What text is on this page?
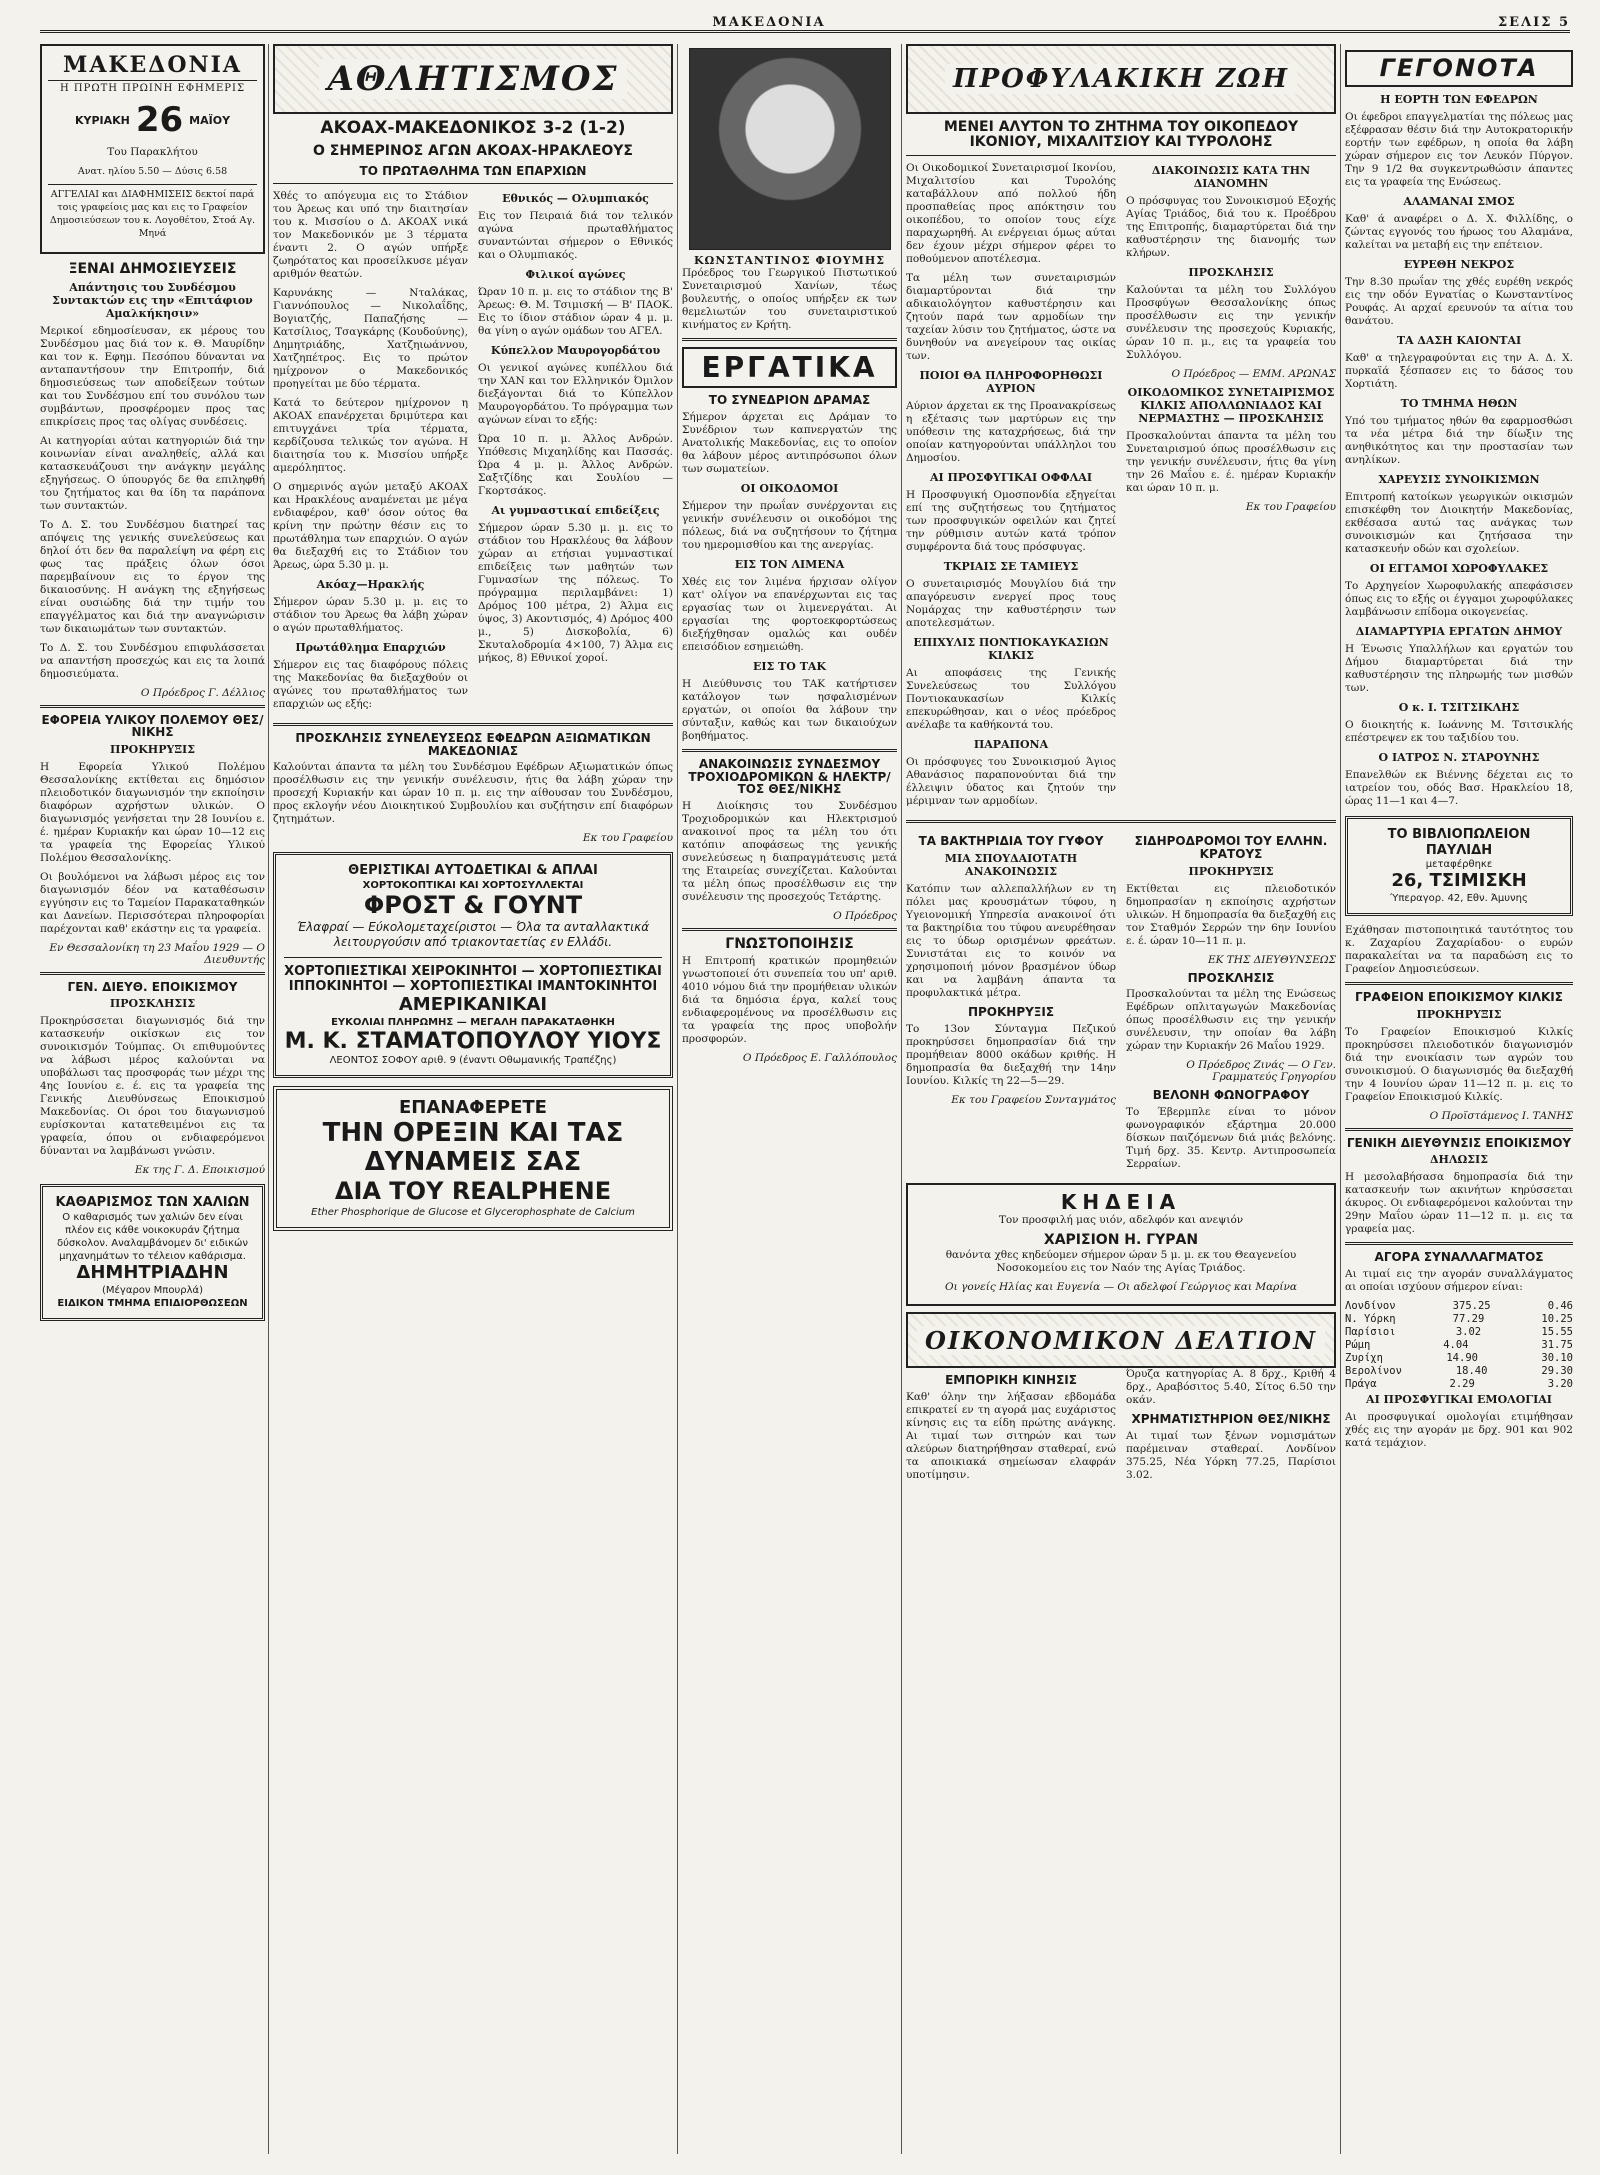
ΜΑΚΕΔΟΝΙΑ	ΣΕΛΙΣ 5
ΜΑΚΕΔΟΝΙΑ
Η ΠΡΩΤΗ ΠΡΩΙΝΗ ΕΦΗΜΕΡΙΣ
ΚΥΡΙΑΚΗ 26 ΜΑΪΟΥ
Του Παρακλήτου
Ανατ. ηλίου 5.50 — Δύσις 6.58
ΑΓΓΕΛΙΑΙ και ΔΙΑΦΗΜΙΣΕΙΣ δεκτοί παρά τοις γραφείοις μας και εις το Γραφείον Δημοσιεύσεων του κ. Λογοθέτου, Στοά Αγ. Μηνά
ΞΕΝΑΙ ΔΗΜΟΣΙΕΥΣΕΙΣ
Απάντησις του Συνδέσμου Συντακτών εις την «Επιτάφιον Αμαλκήκησιν»

Μερικοί εδημοσίευσαν, εκ μέρους του Συνδέσμου μας διά τον κ. Θ. Μαυρίδην και τον κ. Εφημ. Πεσόπου δύνανται να ανταπαντήσουν την Επιτροπήν, διά δημοσιεύσεως των αποδείξεων τούτων και του Συνδέσμου επί του συνόλου των συμβάντων, προσφέρομεν προς τας επικρίσεις προς τας ολίγας συνδέσεις.

Αι κατηγορίαι αύται κατηγοριών διά την κοινωνίαν είναι αναληθείς, αλλά και κατασκευάζουσι την ανάγκην μεγάλης εξηγήσεως. Ο ύπουργός δε θα επιληφθή του ζητήματος και θα ίδη τα παράπονα των συντακτών.

Το Δ. Σ. του Συνδέσμου διατηρεί τας απόψεις της γενικής συνελεύσεως και δηλοί ότι δεν θα παραλείψη να φέρη εις φως τας πράξεις όλων όσοι παρεμβαίνουν εις το έργον της δικαιοσύνης. Η ανάγκη της εξηγήσεως είναι ουσιώδης διά την τιμήν του επαγγέλματος και διά την αναγνώρισιν των δικαιωμάτων των συντακτών.

Το Δ. Σ. του Συνδέσμου επιφυλάσσεται να απαντήση προσεχώς και εις τα λοιπά δημοσιεύματα.

Ο Πρόεδρος Γ. Δέλλιος

ΕΦΟΡΕΙΑ ΥΛΙΚΟΥ ΠΟΛΕΜΟΥ ΘΕΣ/ΝΙΚΗΣ
ΠΡΟΚΗΡΥΞΙΣ

Η Εφορεία Υλικού Πολέμου Θεσσαλονίκης εκτίθεται εις δημόσιον πλειοδοτικόν διαγωνισμόν την εκποίησιν διαφόρων αχρήστων υλικών. Ο διαγωνισμός γενήσεται την 28 Ιουνίου ε. έ. ημέραν Κυριακήν και ώραν 10—12 εις τα γραφεία της Εφορείας Υλικού Πολέμου Θεσσαλονίκης.

Οι βουλόμενοι να λάβωσι μέρος εις τον διαγωνισμόν δέον να καταθέσωσιν εγγύησιν εις το Ταμείον Παρακαταθηκών και Δανείων. Περισσότεραι πληροφορίαι παρέχονται καθ' εκάστην εις τα γραφεία.

Εν Θεσσαλονίκη τη 23 Μαΐου 1929 — Ο Διευθυντής

ΓΕΝ. ΔΙΕΥΘ. ΕΠΟΙΚΙΣΜΟΥ
ΠΡΟΣΚΛΗΣΙΣ

Προκηρύσσεται διαγωνισμός διά την κατασκευήν οικίσκων εις τον συνοικισμόν Τούμπας. Οι επιθυμούντες να λάβωσι μέρος καλούνται να υποβάλωσι τας προσφοράς των μέχρι της 4ης Ιουνίου ε. έ. εις τα γραφεία της Γενικής Διευθύνσεως Εποικισμού Μακεδονίας. Οι όροι του διαγωνισμού ευρίσκονται κατατεθειμένοι εις τα γραφεία, όπου οι ενδιαφερόμενοι δύνανται να λαμβάνωσι γνώσιν.

Εκ της Γ. Δ. Εποικισμού

ΚΑΘΑΡΙΣΜΟΣ ΤΩΝ ΧΑΛΙΩΝ
Ο καθαρισμός των χαλιών δεν είναι πλέον εις κάθε νοικοκυράν ζήτημα δύσκολον. Αναλαμβάνομεν δι' ειδικών μηχανημάτων το τέλειον καθάρισμα.
ΔΗΜΗΤΡΙΑΔΗΝ
(Μέγαρον Μπουρλά)
ΕΙΔΙΚΟΝ ΤΜΗΜΑ ΕΠΙΔΙΟΡΘΩΣΕΩΝ
ΑΘΛΗΤΙΣΜΟΣ
ΑΚΟΑΧ-ΜΑΚΕΔΟΝΙΚΟΣ 3-2 (1-2)
Ο ΣΗΜΕΡΙΝΟΣ ΑΓΩΝ ΑΚΟΑΧ-ΗΡΑΚΛΕΟΥΣ
ΤΟ ΠΡΩΤΑΘΛΗΜΑ ΤΩΝ ΕΠΑΡΧΙΩΝ

Χθές το απόγευμα εις το Στάδιον του Άρεως και υπό την διαιτησίαν του κ. Μισσίου ο Δ. ΑΚΟΑΧ νικά τον Μακεδονικόν με 3 τέρματα έναντι 2. Ο αγών υπήρξε ζωηρότατος και προσείλκυσε μέγαν αριθμόν θεατών.

Καρυνάκης — Νταλάκας, Γιαννόπουλος — Νικολαΐδης, Βογιατζής, Παπαζήσης — Κατσίλιος, Τσαγκάρης (Κουδούνης), Δημητριάδης, Χατζηιωάννου, Χατζηπέτρος. Εις το πρώτον ημίχρονον ο Μακεδονικός προηγείται με δύο τέρματα.

Κατά το δεύτερον ημίχρονον η ΑΚΟΑΧ επανέρχεται δριμύτερα και επιτυγχάνει τρία τέρματα, κερδίζουσα τελικώς τον αγώνα. Η διαιτησία του κ. Μισσίου υπήρξε αμερόληπτος.

Ο σημερινός αγών μεταξύ ΑΚΟΑΧ και Ηρακλέους αναμένεται με μέγα ενδιαφέρον, καθ' όσον ούτος θα κρίνη την πρώτην θέσιν εις το πρωτάθλημα των επαρχιών. Ο αγών θα διεξαχθή εις το Στάδιον του Άρεως, ώρα 5.30 μ. μ.

Ακόαχ—Ηρακλής

Σήμερον ώραν 5.30 μ. μ. εις το στάδιον του Άρεως θα λάβη χώραν ο αγών πρωταθλήματος.

Πρωτάθλημα Επαρχιών

Σήμερον εις τας διαφόρους πόλεις της Μακεδονίας θα διεξαχθούν οι αγώνες του πρωταθλήματος των επαρχιών ως εξής:

Εθνικός — Ολυμπιακός

Εις τον Πειραιά διά τον τελικόν αγώνα πρωταθλήματος συναντώνται σήμερον ο Εθνικός και ο Ολυμπιακός.

Φιλικοί αγώνες

Ώραν 10 π. μ. εις το στάδιον της Β' Άρεως: Θ. Μ. Τσιμισκή — Β' ΠΑΟΚ. Εις το ίδιον στάδιον ώραν 4 μ. μ. θα γίνη ο αγών ομάδων του ΑΓΕΛ.

Κύπελλον Μαυρογορδάτου

Οι γενικοί αγώνες κυπέλλου διά την ΧΑΝ και τον Ελληνικόν Όμιλον διεξάγονται διά το Κύπελλον Μαυρογορδάτου. Το πρόγραμμα των αγώνων είναι το εξής:

Ώρα 10 π. μ. Άλλος Ανδρών. Υπόθεσις Μιχαηλίδης και Πασσάς. Ώρα 4 μ. μ. Άλλος Ανδρών. Σαξτζίδης και Σουλίου — Γκορτσάκος.

Αι γυμναστικαί επιδείξεις

Σήμερον ώραν 5.30 μ. μ. εις το στάδιον του Ηρακλέους θα λάβουν χώραν αι ετήσιαι γυμναστικαί επιδείξεις των μαθητών των Γυμνασίων της πόλεως. Το πρόγραμμα περιλαμβάνει: 1) Δρόμος 100 μέτρα, 2) Άλμα εις ύψος, 3) Ακοντισμός, 4) Δρόμος 400 μ., 5) Δισκοβολία, 6) Σκυταλοδρομία 4×100, 7) Άλμα εις μήκος, 8) Εθνικοί χοροί.

ΠΡΟΣΚΛΗΣΙΣ ΣΥΝΕΛΕΥΣΕΩΣ ΕΦΕΔΡΩΝ ΑΞΙΩΜΑΤΙΚΩΝ ΜΑΚΕΔΟΝΙΑΣ

Καλούνται άπαντα τα μέλη του Συνδέσμου Εφέδρων Αξιωματικών όπως προσέλθωσιν εις την γενικήν συνέλευσιν, ήτις θα λάβη χώραν την προσεχή Κυριακήν και ώραν 10 π. μ. εις την αίθουσαν του Συνδέσμου, προς εκλογήν νέου Διοικητικού Συμβουλίου και συζήτησιν επί διαφόρων ζητημάτων.

Εκ του Γραφείου

ΘΕΡΙΣΤΙΚΑΙ ΑΥΤΟΔΕΤΙΚΑΙ & ΑΠΛΑΙ
ΧΟΡΤΟΚΟΠΤΙΚΑΙ ΚΑΙ ΧΟΡΤΟΣΥΛΛΕΚΤΑΙ
ΦΡΟΣΤ & ΓΟΥΝΤ
Έλαφραί — Εύκολομεταχείριστοι — Όλα τα ανταλλακτικά λειτουργούσιν από τριακονταετίας εν Ελλάδι.
ΧΟΡΤΟΠΙΕΣΤΙΚΑΙ ΧΕΙΡΟΚΙΝΗΤΟΙ — ΧΟΡΤΟΠΙΕΣΤΙΚΑΙ ΙΠΠΟΚΙΝΗΤΟΙ — ΧΟΡΤΟΠΙΕΣΤΙΚΑΙ ΙΜΑΝΤΟΚΙΝΗΤΟΙ
ΑΜΕΡΙΚΑΝΙΚΑΙ
ΕΥΚΟΛΙΑΙ ΠΛΗΡΩΜΗΣ — ΜΕΓΑΛΗ ΠΑΡΑΚΑΤΑΘΗΚΗ
Μ. Κ. ΣΤΑΜΑΤΟΠΟΥΛΟΥ ΥΙΟΥΣ
ΛΕΟΝΤΟΣ ΣΟΦΟΥ αριθ. 9 (έναντι Οθωμανικής Τραπέζης)
ΕΠΑΝΑΦΕΡΕΤΕ
ΤΗΝ ΟΡΕΞΙΝ ΚΑΙ ΤΑΣ ΔΥΝΑΜΕΙΣ ΣΑΣ
ΔΙΑ ΤΟΥ REALPHENE
Ether Phosphorique de Glucose et Glycerophosphate de Calcium
ΚΩΝΣΤΑΝΤΙΝΟΣ ΦΙΟΥΜΗΣ

Πρόεδρος του Γεωργικού Πιστωτικού Συνεταιρισμού Χανίων, τέως βουλευτής, ο οποίος υπήρξεν εκ των θεμελιωτών του συνεταιριστικού κινήματος εν Κρήτη.

ΕΡΓΑΤΙΚΑ
ΤΟ ΣΥΝΕΔΡΙΟΝ ΔΡΑΜΑΣ

Σήμερον άρχεται εις Δράμαν το Συνέδριον των καπνεργατών της Ανατολικής Μακεδονίας, εις το οποίον θα λάβουν μέρος αντιπρόσωποι όλων των σωματείων.

ΟΙ ΟΙΚΟΔΟΜΟΙ

Σήμερον την πρωΐαν συνέρχονται εις γενικήν συνέλευσιν οι οικοδόμοι της πόλεως, διά να συζητήσουν το ζήτημα του ημερομισθίου και της ανεργίας.

ΕΙΣ ΤΟΝ ΛΙΜΕΝΑ

Χθές εις τον λιμένα ήρχισαν ολίγον κατ' ολίγον να επανέρχωνται εις τας εργασίας των οι λιμενεργάται. Αι εργασίαι της φορτοεκφορτώσεως διεξήχθησαν ομαλώς και ουδέν επεισόδιον εσημειώθη.

ΕΙΣ ΤΟ ΤΑΚ

Η Διεύθυνσις του ΤΑΚ κατήρτισεν κατάλογον των ησφαλισμένων εργατών, οι οποίοι θα λάβουν την σύνταξιν, καθώς και των δικαιούχων βοηθήματος.

ΑΝΑΚΟΙΝΩΣΙΣ ΣΥΝΔΕΣΜΟΥ ΤΡΟΧΙΟΔΡΟΜΙΚΩΝ & ΗΛΕΚΤΡ/ΤΟΣ ΘΕΣ/ΝΙΚΗΣ

Η Διοίκησις του Συνδέσμου Τροχιοδρομικών και Ηλεκτρισμού ανακοινοί προς τα μέλη του ότι κατόπιν αποφάσεως της γενικής συνελεύσεως η διαπραγμάτευσις μετά της Εταιρείας συνεχίζεται. Καλούνται τα μέλη όπως προσέλθωσιν εις την συνέλευσιν της προσεχούς Τετάρτης.

Ο Πρόεδρος

ΓΝΩΣΤΟΠΟΙΗΣΙΣ

Η Επιτροπή κρατικών προμηθειών γνωστοποιεί ότι συνεπεία του υπ' αριθ. 4010 νόμου διά την προμήθειαν υλικών διά τα δημόσια έργα, καλεί τους ενδιαφερομένους να προσέλθωσιν εις τα γραφεία της προς υποβολήν προσφορών.

Ο Πρόεδρος Ε. Γαλλόπουλος

ΠΡΟΦΥΛΑΚΙΚΗ ΖΩΗ
ΜΕΝΕΙ ΑΛΥΤΟΝ ΤΟ ΖΗΤΗΜΑ ΤΟΥ ΟΙΚΟΠΕΔΟΥ ΙΚΟΝΙΟΥ, ΜΙΧΑΛΙΤΣΙΟΥ ΚΑΙ ΤΥΡΟΛΟΗΣ

Οι Οικοδομικοί Συνεταιρισμοί Ικονίου, Μιχαλιτσίου και Τυρολόης καταβάλλουν από πολλού ήδη προσπαθείας προς απόκτησιν του οικοπέδου, το οποίον τους είχε παραχωρηθή. Αι ενέργειαι όμως αύται δεν έχουν μέχρι σήμερον φέρει το ποθούμενον αποτέλεσμα.

Τα μέλη των συνεταιρισμών διαμαρτύρονται διά την αδικαιολόγητον καθυστέρησιν και ζητούν παρά των αρμοδίων την ταχείαν λύσιν του ζητήματος, ώστε να δυνηθούν να ανεγείρουν τας οικίας των.

ΠΟΙΟΙ ΘΑ ΠΛΗΡΟΦΟΡΗΘΩΣΙ ΑΥΡΙΟΝ

Αύριον άρχεται εκ της Προανακρίσεως η εξέτασις των μαρτύρων εις την υπόθεσιν της καταχρήσεως, διά την οποίαν κατηγορούνται υπάλληλοι του Δημοσίου.

ΑΙ ΠΡΟΣΦΥΓΙΚΑΙ ΟΦΦΛΑΙ

Η Προσφυγική Ομοσπονδία εξηγείται επί της συζητήσεως του ζητήματος των προσφυγικών οφειλών και ζητεί την ρύθμισιν αυτών κατά τρόπον συμφέροντα διά τους πρόσφυγας.

ΤΚΡΙΑΙΣ ΣΕ ΤΑΜΙΕΥΣ

Ο συνεταιρισμός Μουγλίου διά την απαγόρευσιν ενεργεί προς τους Νομάρχας την καθυστέρησιν των αποτελεσμάτων.

ΕΠΙΧΥΛΙΣ ΠΟΝΤΙΟΚΑΥΚΑΣΙΩΝ ΚΙΛΚΙΣ

Αι αποφάσεις της Γενικής Συνελεύσεως του Συλλόγου Ποντιοκαυκασίων Κιλκίς επεκυρώθησαν, και ο νέος πρόεδρος ανέλαβε τα καθήκοντά του.

ΠΑΡΑΠΟΝΑ

Οι πρόσφυγες του Συνοικισμού Άγιος Αθανάσιος παραπονούνται διά την έλλειψιν ύδατος και ζητούν την μέριμναν των αρμοδίων.

ΔΙΑΚΟΙΝΩΣΙΣ ΚΑΤΑ ΤΗΝ ΔΙΑΝΟΜΗΝ

Ο πρόσφυγας του Συνοικισμού Εξοχής Αγίας Τριάδος, διά του κ. Προέδρου της Επιτροπής, διαμαρτύρεται διά την καθυστέρησιν της διανομής των κλήρων.

ΠΡΟΣΚΛΗΣΙΣ

Καλούνται τα μέλη του Συλλόγου Προσφύγων Θεσσαλονίκης όπως προσέλθωσιν εις την γενικήν συνέλευσιν της προσεχούς Κυριακής, ώραν 10 π. μ., εις τα γραφεία του Συλλόγου.

Ο Πρόεδρος — ΕΜΜ. ΑΡΩΝΑΣ

ΟΙΚΟΔΟΜΙΚΟΣ ΣΥΝΕΤΑΙΡΙΣΜΟΣ ΚΙΛΚΙΣ ΑΠΟΛΛΩΝΙΑΔΟΣ ΚΑΙ ΝΕΡΜΑΣΤΗΣ — ΠΡΟΣΚΛΗΣΙΣ

Προσκαλούνται άπαντα τα μέλη του Συνεταιρισμού όπως προσέλθωσιν εις την γενικήν συνέλευσιν, ήτις θα γίνη την 26 Μαΐου ε. έ. ημέραν Κυριακήν και ώραν 10 π. μ.

Εκ του Γραφείου

ΤΑ ΒΑΚΤΗΡΙΔΙΑ ΤΟΥ ΓΥΦΟΥ
ΜΙΑ ΣΠΟΥΔΑΙΟΤΑΤΗ ΑΝΑΚΟΙΝΩΣΙΣ

Κατόπιν των αλλεπαλλήλων εν τη πόλει μας κρουσμάτων τύφου, η Υγειονομική Υπηρεσία ανακοινοί ότι τα βακτηρίδια του τύφου ανευρέθησαν εις το ύδωρ ορισμένων φρεάτων. Συνιστάται εις το κοινόν να χρησιμοποιή μόνον βρασμένον ύδωρ και να λαμβάνη άπαντα τα προφυλακτικά μέτρα.

ΠΡΟΚΗΡΥΞΙΣ

Το 13ον Σύνταγμα Πεζικού προκηρύσσει δημοπρασίαν διά την προμήθειαν 8000 οκάδων κριθής. Η δημοπρασία θα διεξαχθή την 14ην Ιουνίου. Κιλκίς τη 22—5—29.

Εκ του Γραφείου Συνταγμάτος

ΣΙΔΗΡΟΔΡΟΜΟΙ ΤΟΥ ΕΛΛΗΝ. ΚΡΑΤΟΥΣ
ΠΡΟΚΗΡΥΞΙΣ

Εκτίθεται εις πλειοδοτικόν δημοπρασίαν η εκποίησις αχρήστων υλικών. Η δημοπρασία θα διεξαχθή εις τον Σταθμόν Σερρών την 6ην Ιουνίου ε. έ. ώραν 10—11 π. μ.

ΕΚ ΤΗΣ ΔΙΕΥΘΥΝΣΕΩΣ

ΠΡΟΣΚΛΗΣΙΣ

Προσκαλούνται τα μέλη της Ενώσεως Εφέδρων οπλιταγωγών Μακεδονίας όπως προσέλθωσιν εις την γενικήν συνέλευσιν, την οποίαν θα λάβη χώραν την Κυριακήν 26 Μαΐου 1929.

Ο Πρόεδρος Ζινάς — Ο Γεν. Γραμματεύς Γρηγορίου

ΒΕΛΟΝΗ ΦΩΝΟΓΡΑΦΟΥ

Το Έβερμπλε είναι το μόνον φωνογραφικόν εξάρτημα 20.000 δίσκων παιζόμενων διά μιάς βελόνης. Τιμή δρχ. 35. Κεντρ. Αντιπροσωπεία Σερραίων.

ΚΗΔΕΙΑ
Τον προσφιλή μας υιόν, αδελφόν και ανεψιόν
ΧΑΡΙΣΙΟΝ Η. ΓΥΡΑΝ
θανόντα χθες κηδεύομεν σήμερον ώραν 5 μ. μ. εκ του Θεαγενείου Νοσοκομείου εις τον Ναόν της Αγίας Τριάδος.
Οι γονείς Ηλίας και Ευγενία — Οι αδελφοί Γεώργιος και Μαρίνα
ΟΙΚΟΝΟΜΙΚΟΝ ΔΕΛΤΙΟΝ
ΕΜΠΟΡΙΚΗ ΚΙΝΗΣΙΣ

Καθ' όλην την λήξασαν εβδομάδα επικρατεί εν τη αγορά μας ευχάριστος κίνησις εις τα είδη πρώτης ανάγκης. Αι τιμαί των σιτηρών και των αλεύρων διατηρήθησαν σταθεραί, ενώ τα αποικιακά σημείωσαν ελαφράν υποτίμησιν.

Όρυζα κατηγορίας Α. 8 δρχ., Κριθή 4 δρχ., Αραβόσιτος 5.40, Σίτος 6.50 την οκάν.

ΧΡΗΜΑΤΙΣΤΗΡΙΟΝ ΘΕΣ/ΝΙΚΗΣ

Αι τιμαί των ξένων νομισμάτων παρέμειναν σταθεραί. Λονδίνον 375.25, Νέα Υόρκη 77.25, Παρίσιοι 3.02.

ΓΕΓΟΝΟΤΑ
Η ΕΟΡΤΗ ΤΩΝ ΕΦΕΔΡΩΝ

Οι έφεδροι επαγγελματίαι της πόλεως μας εξέφρασαν θέσιν διά την Αυτοκρατορικήν εορτήν των εφέδρων, η οποία θα λάβη χώραν σήμερον εις τον Λευκόν Πύργον. Την 9 1/2 θα συγκεντρωθώσιν άπαντες εις τα γραφεία της Ενώσεως.

ΑΛΑΜΑΝΑΙ ΣΜΟΣ

Καθ' ά αναφέρει ο Δ. Χ. Φιλλίδης, ο ζώντας εγγονός του ήρωος του Αλαμάνα, καλείται να μεταβή εις την επέτειον.

ΕΥΡΕΘΗ ΝΕΚΡΟΣ

Την 8.30 πρωΐαν της χθές ευρέθη νεκρός εις την οδόν Εγνατίας ο Κωνσταντίνος Ρουφάς. Αι αρχαί ερευνούν τα αίτια του θανάτου.

ΤΑ ΔΑΣΗ ΚΑΙΟΝΤΑΙ

Καθ' α τηλεγραφούνται εις την Α. Δ. Χ. πυρκαϊά ξέσπασεν εις το δάσος του Χορτιάτη.

ΤΟ ΤΜΗΜΑ ΗΘΩΝ

Υπό του τμήματος ηθών θα εφαρμοσθώσι τα νέα μέτρα διά την δίωξιν της ανηθικότητος και την προστασίαν των ανηλίκων.

ΧΑΡΕΥΣΙΣ ΣΥΝΟΙΚΙΣΜΩΝ

Επιτροπή κατοίκων γεωργικών οικισμών επισκέφθη τον Διοικητήν Μακεδονίας, εκθέσασα αυτώ τας ανάγκας των συνοικισμών και ζητήσασα την κατασκευήν οδών και σχολείων.

ΟΙ ΕΓΓΑΜΟΙ ΧΩΡΟΦΥΛΑΚΕΣ

Το Αρχηγείον Χωροφυλακής απεφάσισεν όπως εις το εξής οι έγγαμοι χωροφύλακες λαμβάνωσιν επίδομα οικογενείας.

ΔΙΑΜΑΡΤΥΡΙΑ ΕΡΓΑΤΩΝ ΔΗΜΟΥ

Η Ένωσις Υπαλλήλων και εργατών του Δήμου διαμαρτύρεται διά την καθυστέρησιν της πληρωμής των μισθών των.

Ο κ. Ι. ΤΣΙΤΣΙΚΛΗΣ

Ο διοικητής κ. Ιωάννης Μ. Τσιτσικλής επέστρεψεν εκ του ταξιδίου του.

Ο ΙΑΤΡΟΣ Ν. ΣΤΑΡΟΥΝΗΣ

Επανελθών εκ Βιέννης δέχεται εις το ιατρείον του, οδός Βασ. Ηρακλείου 18, ώρας 11—1 και 4—7.

ΤΟ ΒΙΒΛΙΟΠΩΛΕΙΟΝ ΠΑΥΛΙΔΗ
μεταφέρθηκε
26, ΤΣΙΜΙΣΚΗ
Ύπεραγορ. 42, Εθν. Άμυνης

Εχάθησαν πιστοποιητικά ταυτότητος του κ. Ζαχαρίου Ζαχαρίαδου· ο ευρών παρακαλείται να τα παραδώση εις το Γραφείον Δημοσιεύσεων.

ΓΡΑΦΕΙΟΝ ΕΠΟΙΚΙΣΜΟΥ ΚΙΛΚΙΣ
ΠΡΟΚΗΡΥΞΙΣ

Το Γραφείον Εποικισμού Κιλκίς προκηρύσσει πλειοδοτικόν διαγωνισμόν διά την ενοικίασιν των αγρών του συνοικισμού. Ο διαγωνισμός θα διεξαχθή την 4 Ιουνίου ώραν 11—12 π. μ. εις το Γραφείον Εποικισμού Κιλκίς.

Ο Προϊστάμενος Ι. ΤΑΝΗΣ

ΓΕΝΙΚΗ ΔΙΕΥΘΥΝΣΙΣ ΕΠΟΙΚΙΣΜΟΥ
ΔΗΛΩΣΙΣ

Η μεσολαβήσασα δημοπρασία διά την κατασκευήν των ακινήτων κηρύσσεται άκυρος. Οι ενδιαφερόμενοι καλούνται την 29ην Μαΐου ώραν 11—12 π. μ. εις τα γραφεία μας.

ΑΓΟΡΑ ΣΥΝΑΛΛΑΓΜΑΤΟΣ

Αι τιμαί εις την αγοράν συναλλάγματος αι οποίαι ισχύουν σήμερον είναι:

Λονδίνον	375.25	0.46
Ν. Υόρκη	77.29	10.25
Παρίσιοι	3.02	15.55
Ρώμη	4.04	31.75
Ζυρίχη	14.90	30.10
Βερολίνον	18.40	29.30
Πράγα	2.29	3.20
ΑΙ ΠΡΟΣΦΥΓΙΚΑΙ ΕΜΟΛΟΓΙΑΙ

Αι προσφυγικαί ομολογίαι ετιμήθησαν χθές εις την αγοράν με δρχ. 901 και 902 κατά τεμάχιον.
